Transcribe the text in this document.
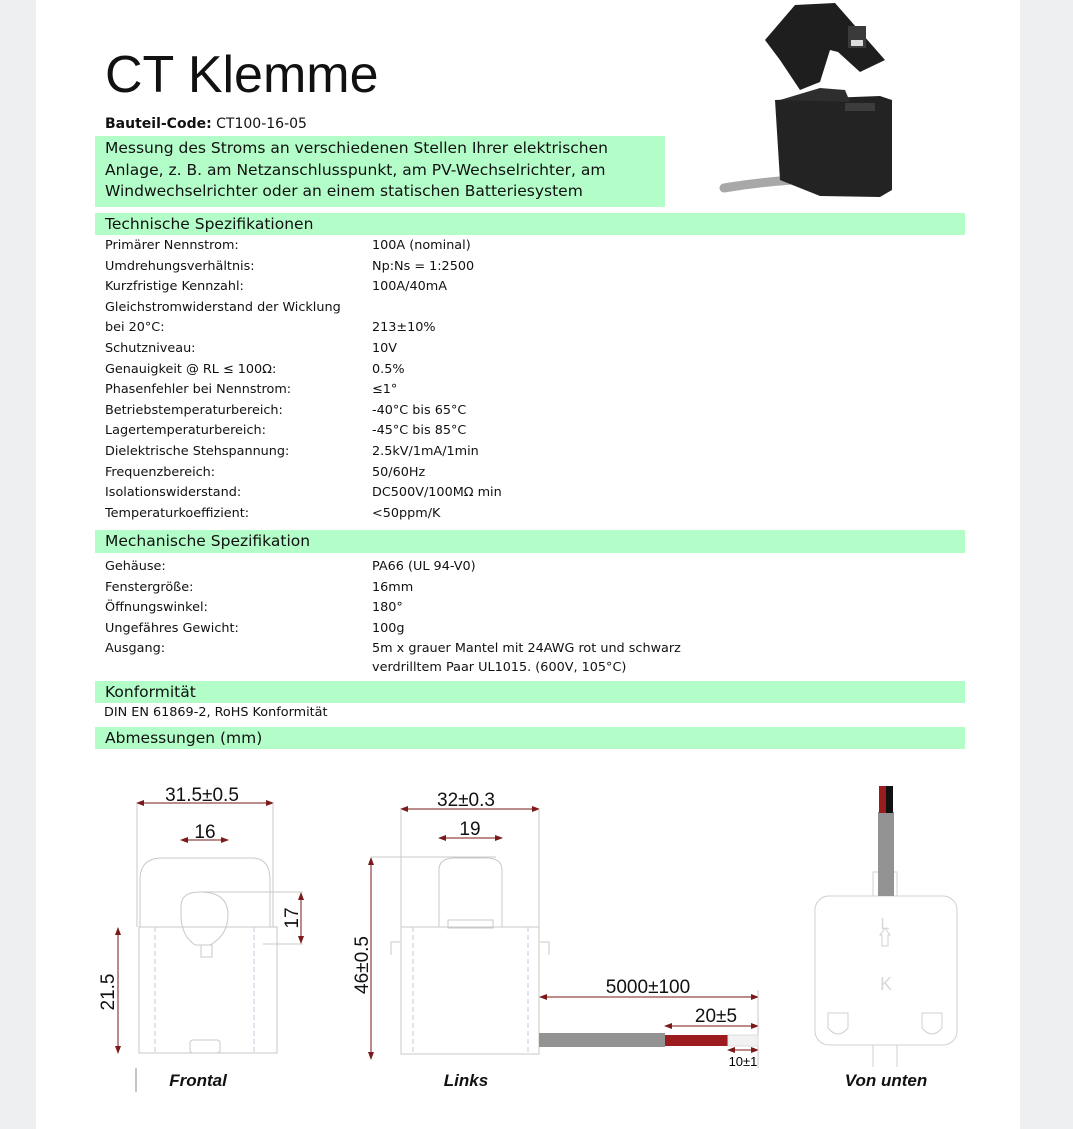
CT Klemme
Bauteil-Code: CT100-16-05
Messung des Stroms an verschiedenen Stellen Ihrer elektrischen
Anlage, z. B. am Netzanschlusspunkt, am PV-Wechselrichter, am
Windwechselrichter oder an einem statischen Batteriesystem
Technische Spezifikationen
Primärer Nennstrom:	100A (nominal)
Umdrehungsverhältnis:	Np:Ns = 1:2500
Kurzfristige Kennzahl:	100A/40mA
Gleichstromwiderstand der Wicklung
bei 20°C:	213±10%
Schutzniveau:	10V
Genauigkeit @ RL ≤ 100Ω:	0.5%
Phasenfehler bei Nennstrom:	≤1°
Betriebstemperaturbereich:	-40°C bis 65°C
Lagertemperaturbereich:	-45°C bis 85°C
Dielektrische Stehspannung:	2.5kV/1mA/1min
Frequenzbereich:	50/60Hz
Isolationswiderstand:	DC500V/100MΩ min
Temperaturkoeffizient:	<50ppm/K
Mechanische Spezifikation
Gehäuse:	PA66 (UL 94-V0)
Fenstergröße:	16mm
Öffnungswinkel:	180°
Ungefähres Gewicht:	100g
Ausgang:	5m x grauer Mantel mit 24AWG rot und schwarz
verdrilltem Paar UL1015. (600V, 105°C)
Konformität
DIN EN 61869-2, RoHS Konformität
Abmessungen (mm)
31.5±0.5
16
17
21.5
Frontal
32±0.3
19
46±0.5	5000±100
20±5
10±1
Links
L
K
Von unten
